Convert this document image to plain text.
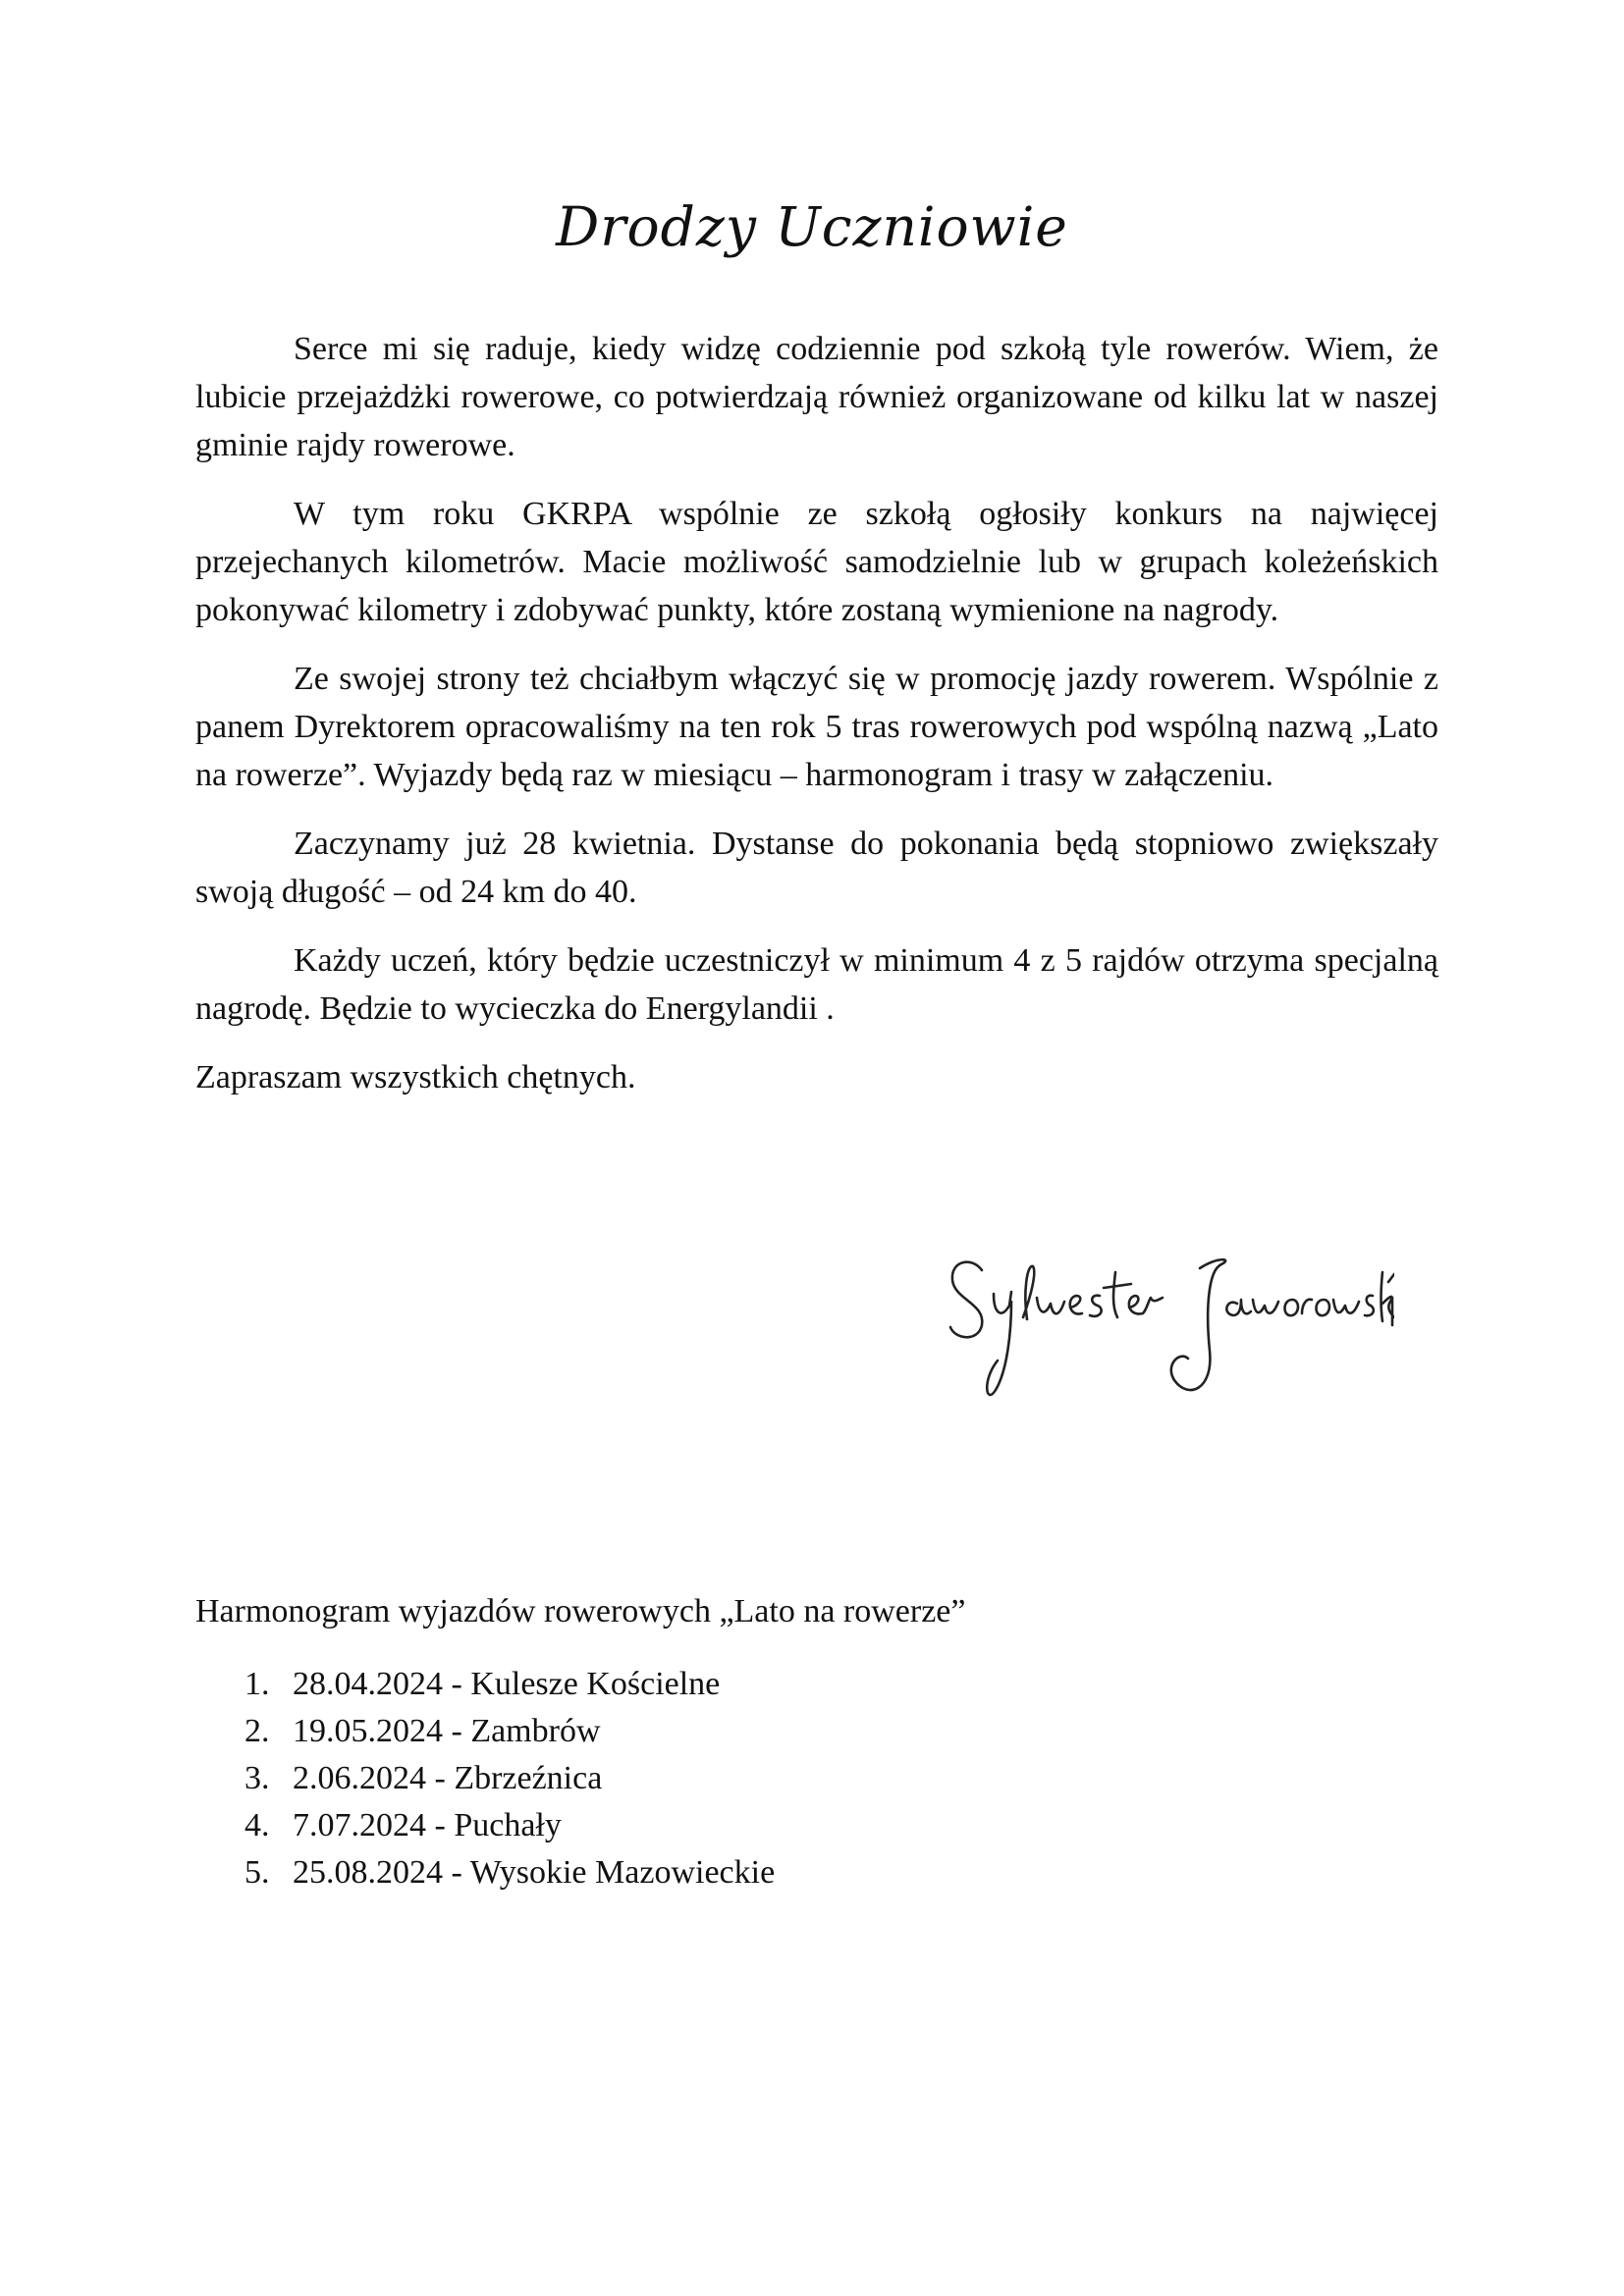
Drodzy Uczniowie

Serce mi się raduje, kiedy widzę codziennie pod szkołą tyle rowerów. Wiem, że lubicie przejażdżki rowerowe, co potwierdzają również organizowane od kilku lat w naszej gminie rajdy rowerowe.

W tym roku GKRPA wspólnie ze szkołą ogłosiły konkurs na najwięcej przejechanych kilometrów. Macie możliwość samodzielnie lub w grupach koleżeńskich pokonywać kilometry i zdobywać punkty, które zostaną wymienione na nagrody.

Ze swojej strony też chciałbym włączyć się w promocję jazdy rowerem. Wspólnie z panem Dyrektorem opracowaliśmy na ten rok 5 tras rowerowych pod wspólną nazwą „Lato na rowerze”. Wyjazdy będą raz w miesiącu – harmonogram i trasy w załączeniu.

Zaczynamy już 28 kwietnia. Dystanse do pokonania będą stopniowo zwiększały swoją długość – od 24 km do 40.

Każdy uczeń, który będzie uczestniczył w minimum 4 z 5 rajdów otrzyma specjalną nagrodę. Będzie to wycieczka do Energylandii .

Zapraszam wszystkich chętnych.

Harmonogram wyjazdów rowerowych „Lato na rowerze”

1. 28.04.2024 - Kulesze Kościelne
2. 19.05.2024 - Zambrów
3. 2.06.2024 - Zbrzeźnica
4. 7.07.2024 - Puchały
5. 25.08.2024 - Wysokie Mazowieckie
